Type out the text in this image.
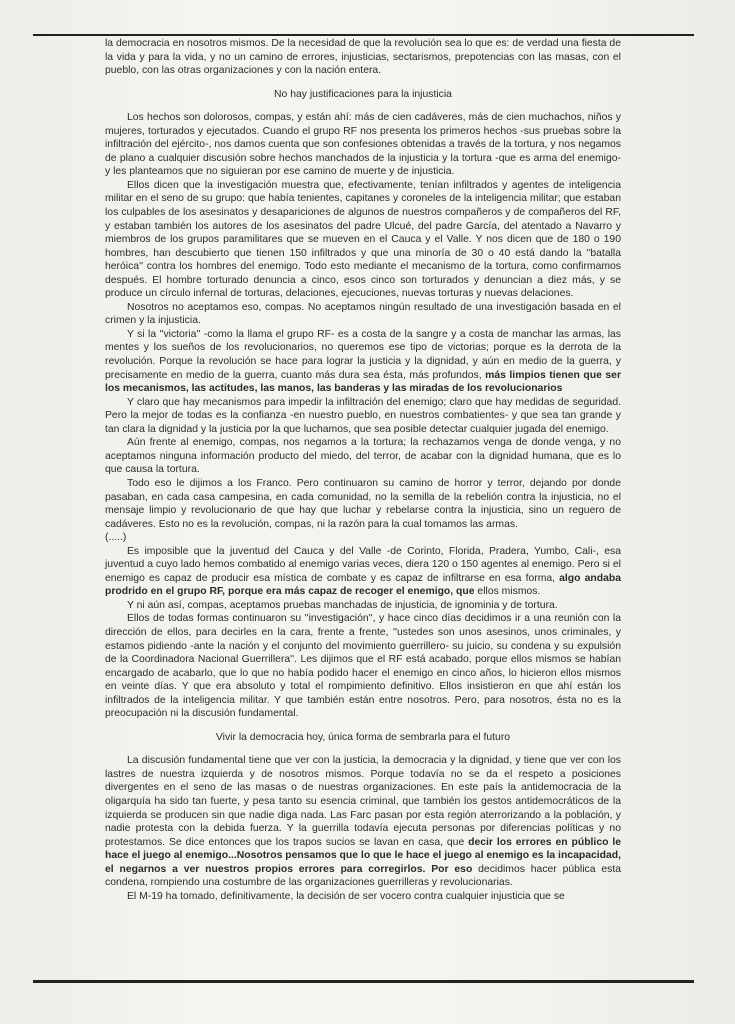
la democracia en nosotros mismos. De la necesidad de que la revolución sea lo que es: de verdad una fiesta de la vida y para la vida, y no un camino de errores, injusticias, sectarismos, prepotencias con las masas, con el pueblo, con las otras organizaciones y con la nación entera.

No hay justificaciones para la injusticia

Los hechos son dolorosos, compas, y están ahí: más de cien cadáveres, más de cien muchachos, niños y mujeres, torturados y ejecutados. Cuando el grupo RF nos presenta los primeros hechos -sus pruebas sobre la infiltración del ejército-, nos damos cuenta que son confesiones obtenidas a través de la tortura, y nos negamos de plano a cualquier discusión sobre hechos manchados de la injusticia y la tortura -que es arma del enemigo- y les planteamos que no siguieran por ese camino de muerte y de injusticia.

Ellos dicen que la investigación muestra que, efectivamente, tenían infiltrados y agentes de inteligencia militar en el seno de su grupo: que había tenientes, capitanes y coroneles de la inteligencia militar; que estaban los culpables de los asesinatos y desapariciones de algunos de nuestros compañeros y de compañeros del RF, y estaban también los autores de los asesinatos del padre Ulcué, del padre García, del atentado a Navarro y miembros de los grupos paramilitares que se mueven en el Cauca y el Valle. Y nos dicen que de 180 o 190 hombres, han descubierto que tienen 150 infiltrados y que una minoría de 30 o 40 está dando la ''batalla heróica'' contra los hombres del enemigo. Todo esto mediante el mecanismo de la tortura, como confirmamos después. El hombre torturado denuncia a cinco, esos cinco son torturados y denuncian a diez más, y se produce un círculo infernal de torturas, delaciones, ejecuciones, nuevas torturas y nuevas delaciones.

Nosotros no aceptamos eso, compas. No aceptamos ningún resultado de una investigación basada en el crimen y la injusticia.

Y si la ''victoria'' -como la llama el grupo RF- es a costa de la sangre y a costa de manchar las armas, las mentes y los sueños de los revolucionarios, no queremos ese tipo de victorias; porque es la derrota de la revolución. Porque la revolución se hace para lograr la justicia y la dignidad, y aún en medio de la guerra, y precisamente en medio de la guerra, cuanto más dura sea ésta, más profundos, más limpios tienen que ser los mecanismos, las actitudes, las manos, las banderas y las miradas de los revolucionarios

Y claro que hay mecanismos para impedir la infiltración del enemigo; claro que hay medidas de seguridad. Pero la mejor de todas es la confianza -en nuestro pueblo, en nuestros combatientes- y que sea tan grande y tan clara la dignidad y la justicia por la que luchamos, que sea posible detectar cualquier jugada del enemigo.

Aún frente al enemigo, compas, nos negamos a la tortura; la rechazamos venga de donde venga, y no aceptamos ninguna información producto del miedo, del terror, de acabar con la dignidad humana, que es lo que causa la tortura.

Todo eso le dijimos a los Franco. Pero continuaron su camino de horror y terror, dejando por donde pasaban, en cada casa campesina, en cada comunidad, no la semilla de la rebelión contra la injusticia, no el mensaje limpio y revolucionario de que hay que luchar y rebelarse contra la injusticia, sino un reguero de cadáveres. Esto no es la revolución, compas, ni la razón para la cual tomamos las armas.

(.....)

Es imposible que la juventud del Cauca y del Valle -de Corinto, Florida, Pradera, Yumbo, Cali-, esa juventud a cuyo lado hemos combatido al enemigo varias veces, diera 120 o 150 agentes al enemigo. Pero si el enemigo es capaz de producir esa mística de combate y es capaz de infiltrarse en esa forma, algo andaba prodrido en el grupo RF, porque era más capaz de recoger el enemigo, que ellos mismos.

Y ni aún así, compas, aceptamos pruebas manchadas de injusticia, de ignominia y de tortura.

Ellos de todas formas continuaron su ''investigación'', y hace cinco días decidimos ir a una reunión con la dirección de ellos, para decirles en la cara, frente a frente, ''ustedes son unos asesinos, unos criminales, y estamos pidiendo -ante la nación y el conjunto del movimiento guerrillero- su juicio, su condena y su expulsión de la Coordinadora Nacional Guerrillera''. Les dijimos que el RF está acabado, porque ellos mismos se habían encargado de acabarlo, que lo que no había podido hacer el enemigo en cinco años, lo hicieron ellos mismos en veinte días. Y que era absoluto y total el rompimiento definitivo. Ellos insistieron en que ahí están los infiltrados de la inteligencia militar. Y que también están entre nosotros. Pero, para nosotros, ésta no es la preocupación ni la discusión fundamental.

Vivir la democracia hoy, única forma de sembrarla para el futuro

La discusión fundamental tiene que ver con la justicia, la democracia y la dignidad, y tiene que ver con los lastres de nuestra izquierda y de nosotros mismos. Porque todavía no se da el respeto a posiciones divergentes en el seno de las masas o de nuestras organizaciones. En este país la antidemocracia de la oligarquía ha sido tan fuerte, y pesa tanto su esencia criminal, que también los gestos antidemocráticos de la izquierda se producen sin que nadie diga nada. Las Farc pasan por esta región aterrorizando a la población, y nadie protesta con la debida fuerza. Y la guerrilla todavía ejecuta personas por diferencias políticas y no protestamos. Se dice entonces que los trapos sucios se lavan en casa, que decir los errores en público le hace el juego al enemigo...Nosotros pensamos que lo que le hace el juego al enemigo es la incapacidad, el negarnos a ver nuestros propios errores para corregirlos. Por eso decidimos hacer pública esta condena, rompiendo una costumbre de las organizaciones guerrilleras y revolucionarias.

El M-19 ha tomado, definitivamente, la decisión de ser vocero contra cualquier injusticia que se
